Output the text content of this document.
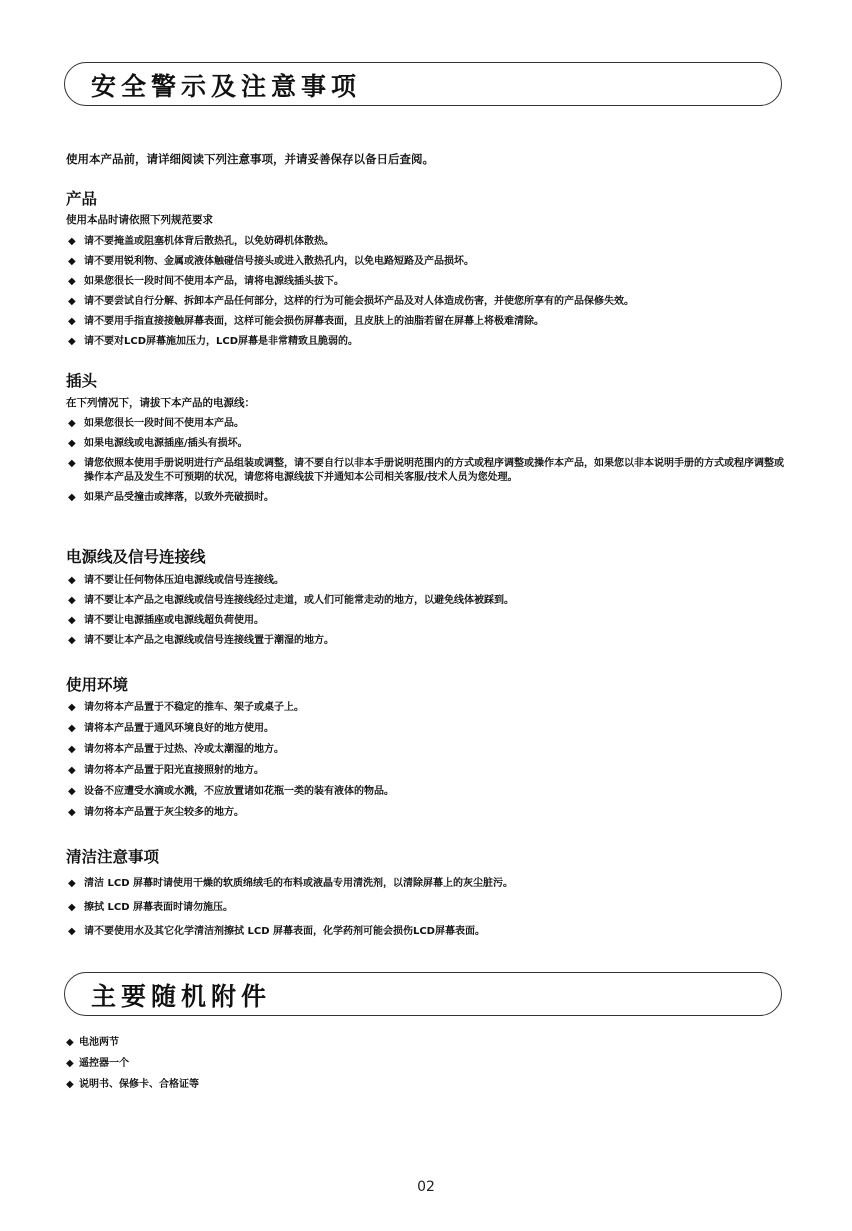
安全警示及注意事项
使用本产品前，请详细阅读下列注意事项，并请妥善保存以备日后查阅。
产品
使用本品时请依照下列规范要求
◆ 请不要掩盖或阻塞机体背后散热孔，以免妨碍机体散热。
◆ 请不要用锐利物、金属或液体触碰信号接头或进入散热孔内，以免电路短路及产品损坏。
◆ 如果您很长一段时间不使用本产品，请将电源线插头拔下。
◆ 请不要尝试自行分解、拆卸本产品任何部分，这样的行为可能会损坏产品及对人体造成伤害，并使您所享有的产品保修失效。
◆ 请不要用手指直接接触屏幕表面，这样可能会损伤屏幕表面，且皮肤上的油脂若留在屏幕上将极难清除。
◆ 请不要对LCD屏幕施加压力，LCD屏幕是非常精致且脆弱的。
插头
在下列情况下，请拔下本产品的电源线：
◆ 如果您很长一段时间不使用本产品。
◆ 如果电源线或电源插座/插头有损坏。
◆ 请您依照本使用手册说明进行产品组装或调整，请不要自行以非本手册说明范围内的方式或程序调整或操作本产品，如果您以非本说明手册的方式或程序调整或操作本产品及发生不可预期的状况，请您将电源线拔下并通知本公司相关客服/技术人员为您处理。
◆ 如果产品受撞击或摔落，以致外壳破损时。
电源线及信号连接线
◆ 请不要让任何物体压迫电源线或信号连接线。
◆ 请不要让本产品之电源线或信号连接线经过走道，或人们可能常走动的地方，以避免线体被踩到。
◆ 请不要让电源插座或电源线超负荷使用。
◆ 请不要让本产品之电源线或信号连接线置于潮湿的地方。
使用环境
◆ 请勿将本产品置于不稳定的推车、架子或桌子上。
◆ 请将本产品置于通风环境良好的地方使用。
◆ 请勿将本产品置于过热、冷或太潮湿的地方。
◆ 请勿将本产品置于阳光直接照射的地方。
◆ 设备不应遭受水滴或水溅，不应放置诸如花瓶一类的装有液体的物品。
◆ 请勿将本产品置于灰尘较多的地方。
清洁注意事项
◆ 清洁 LCD 屏幕时请使用干燥的软质绵绒毛的布料或液晶专用清洗剂，以清除屏幕上的灰尘脏污。
◆ 擦拭 LCD 屏幕表面时请勿施压。
◆ 请不要使用水及其它化学清洁剂擦拭 LCD 屏幕表面，化学药剂可能会损伤LCD屏幕表面。
主要随机附件
◆ 电池两节
◆ 遥控器一个
◆ 说明书、保修卡、合格证等
02
